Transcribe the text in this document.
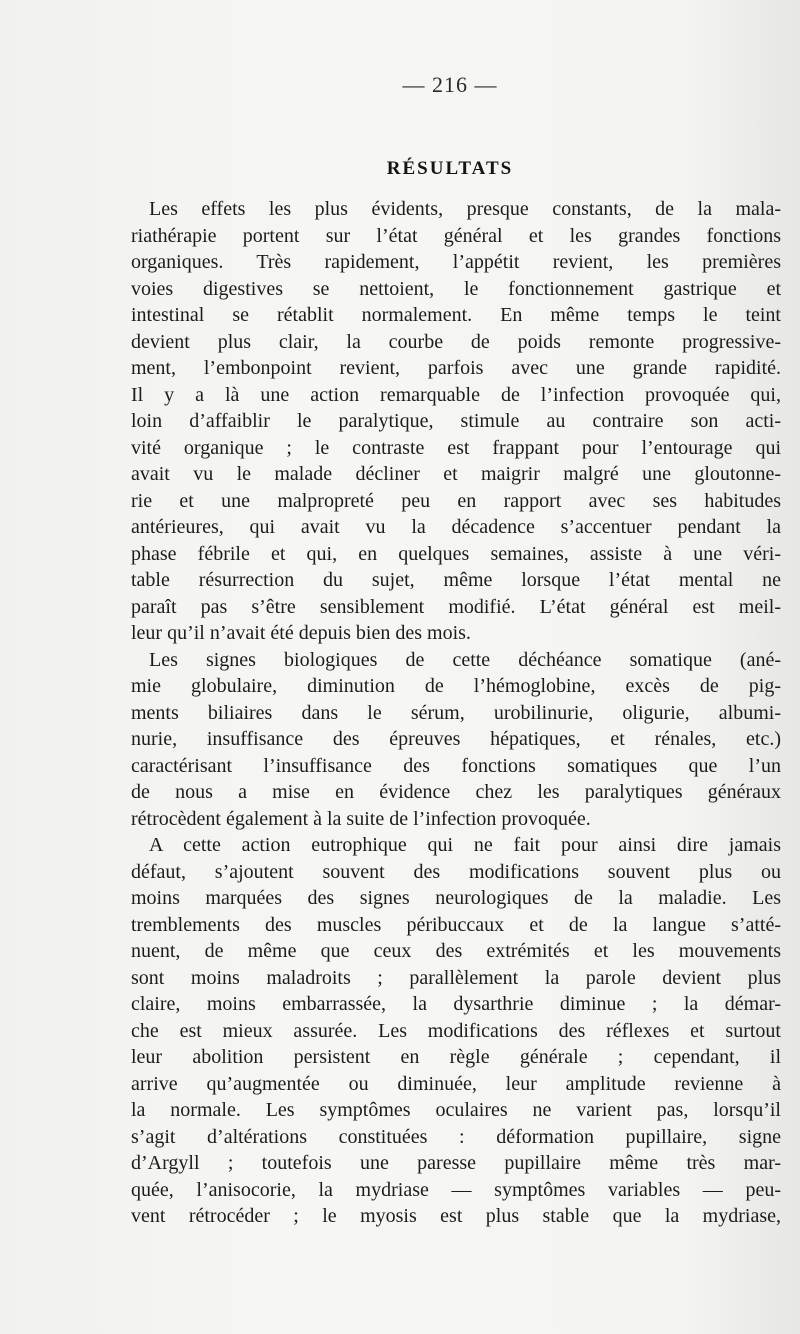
— 216 —
RÉSULTATS
Les effets les plus évidents, presque constants, de la mala-
riathérapie portent sur l’état général et les grandes fonctions
organiques. Très rapidement, l’appétit revient, les premières
voies digestives se nettoient, le fonctionnement gastrique et
intestinal se rétablit normalement. En même temps le teint
devient plus clair, la courbe de poids remonte progressive-
ment, l’embonpoint revient, parfois avec une grande rapidité.
Il y a là une action remarquable de l’infection provoquée qui,
loin d’affaiblir le paralytique, stimule au contraire son acti-
vité organique ; le contraste est frappant pour l’entourage qui
avait vu le malade décliner et maigrir malgré une gloutonne-
rie et une malpropreté peu en rapport avec ses habitudes
antérieures, qui avait vu la décadence s’accentuer pendant la
phase fébrile et qui, en quelques semaines, assiste à une véri-
table résurrection du sujet, même lorsque l’état mental ne
paraît pas s’être sensiblement modifié. L’état général est meil-
leur qu’il n’avait été depuis bien des mois.
Les signes biologiques de cette déchéance somatique (ané-
mie globulaire, diminution de l’hémoglobine, excès de pig-
ments biliaires dans le sérum, urobilinurie, oligurie, albumi-
nurie, insuffisance des épreuves hépatiques, et rénales, etc.)
caractérisant l’insuffisance des fonctions somatiques que l’un
de nous a mise en évidence chez les paralytiques généraux
rétrocèdent également à la suite de l’infection provoquée.
A cette action eutrophique qui ne fait pour ainsi dire jamais
défaut, s’ajoutent souvent des modifications souvent plus ou
moins marquées des signes neurologiques de la maladie. Les
tremblements des muscles péribuccaux et de la langue s’atté-
nuent, de même que ceux des extrémités et les mouvements
sont moins maladroits ; parallèlement la parole devient plus
claire, moins embarrassée, la dysarthrie diminue ; la démar-
che est mieux assurée. Les modifications des réflexes et surtout
leur abolition persistent en règle générale ; cependant, il
arrive qu’augmentée ou diminuée, leur amplitude revienne à
la normale. Les symptômes oculaires ne varient pas, lorsqu’il
s’agit d’altérations constituées : déformation pupillaire, signe
d’Argyll ; toutefois une paresse pupillaire même très mar-
quée, l’anisocorie, la mydriase — symptômes variables — peu-
vent rétrocéder ; le myosis est plus stable que la mydriase,
